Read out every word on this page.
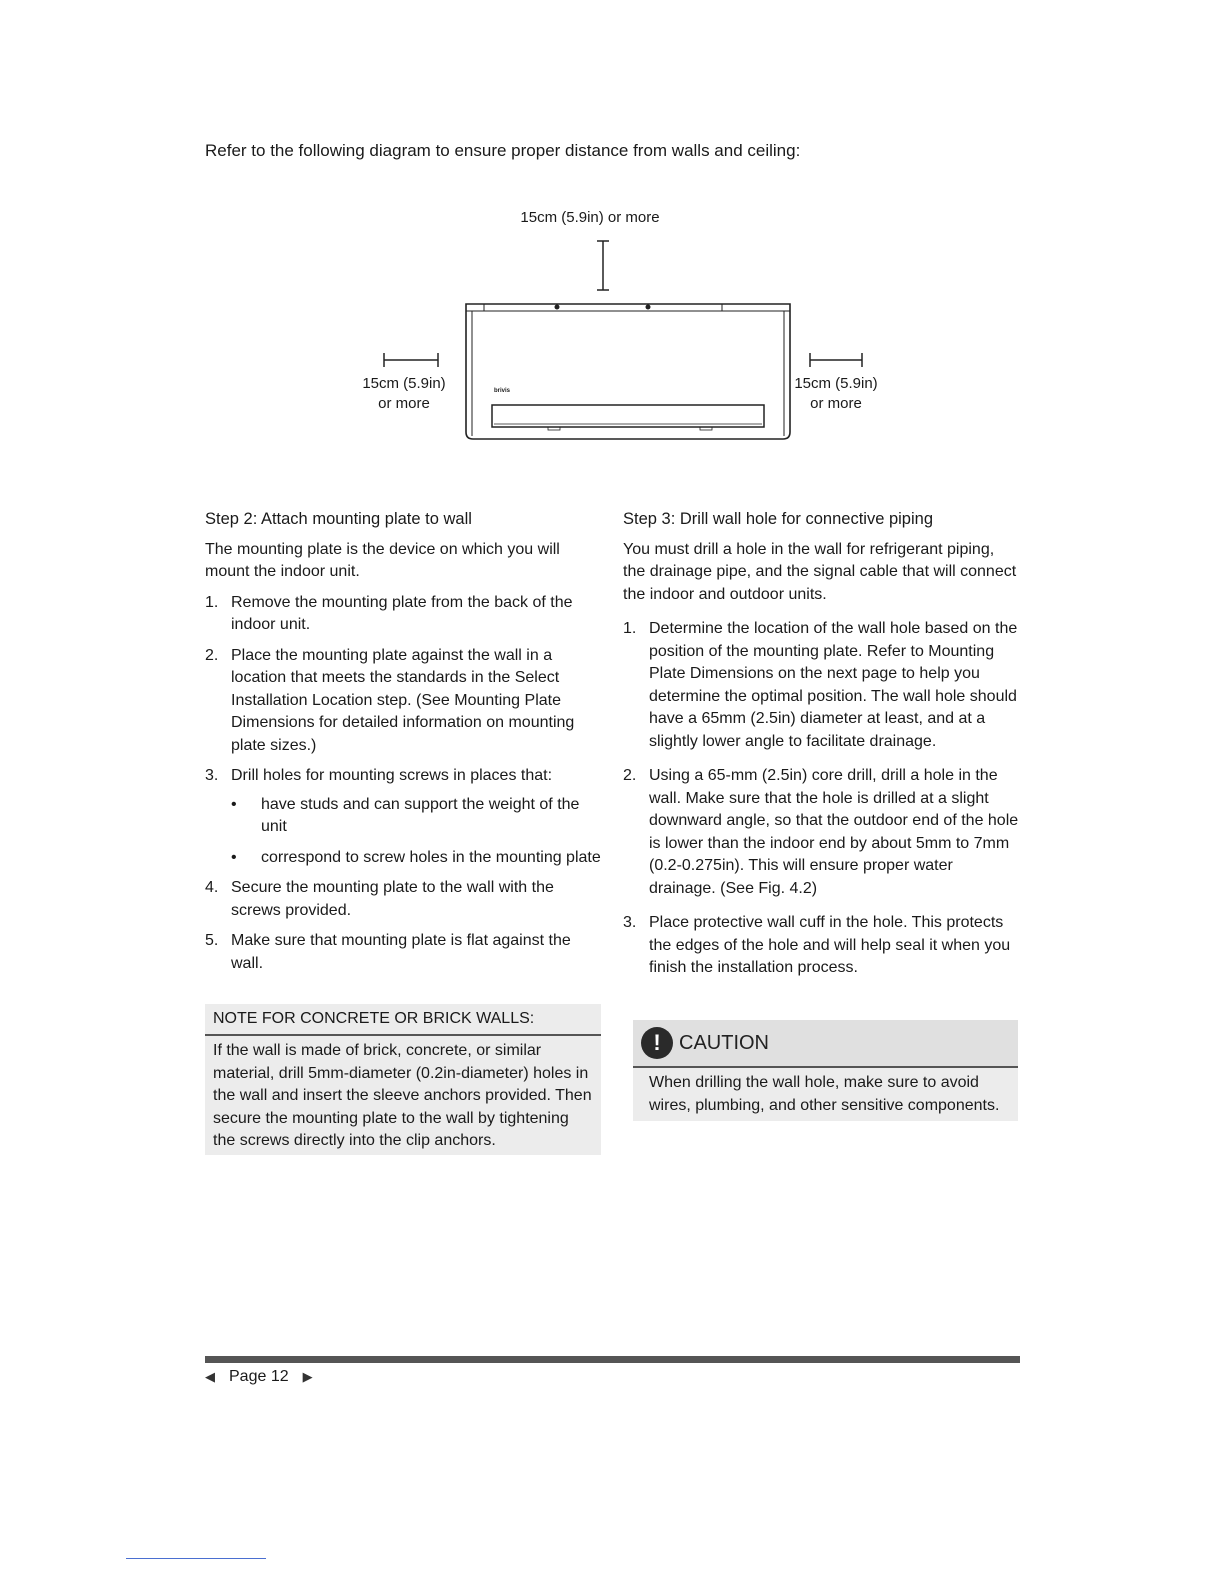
Refer to the following diagram to ensure proper distance from walls and ceiling:
15cm (5.9in) or more
15cm (5.9in)
or more
15cm (5.9in)
or more
brivis
Step 2: Attach mounting plate to wall
The mounting plate is the device on which you will mount the indoor unit.
1. Remove the mounting plate from the back of the indoor unit.
2. Place the mounting plate against the wall in a location that meets the standards in the Select Installation Location step. (See Mounting Plate Dimensions for detailed information on mounting plate sizes.)
3. Drill holes for mounting screws in places that:
• have studs and can support the weight of the unit
• correspond to screw holes in the mounting plate
4. Secure the mounting plate to the wall with the screws provided.
5. Make sure that mounting plate is flat against the wall.
NOTE FOR CONCRETE OR BRICK WALLS:
If the wall is made of brick, concrete, or similar material, drill 5mm-diameter (0.2in-diameter) holes in the wall and insert the sleeve anchors provided. Then secure the mounting plate to the wall by tightening the screws directly into the clip anchors.
Step 3: Drill wall hole for connective piping
You must drill a hole in the wall for refrigerant piping, the drainage pipe, and the signal cable that will connect the indoor and outdoor units.
1. Determine the location of the wall hole based on the position of the mounting plate. Refer to Mounting Plate Dimensions on the next page to help you determine the optimal position. The wall hole should have a 65mm (2.5in) diameter at least, and at a slightly lower angle to facilitate drainage.
2. Using a 65-mm (2.5in) core drill, drill a hole in the wall. Make sure that the hole is drilled at a slight downward angle, so that the outdoor end of the hole is lower than the indoor end by about 5mm to 7mm (0.2-0.275in). This will ensure proper water drainage. (See Fig. 4.2)
3. Place protective wall cuff in the hole. This protects the edges of the hole and will help seal it when you finish the installation process.
! CAUTION
When drilling the wall hole, make sure to avoid wires, plumbing, and other sensitive components.
◀ Page 12 ▶
